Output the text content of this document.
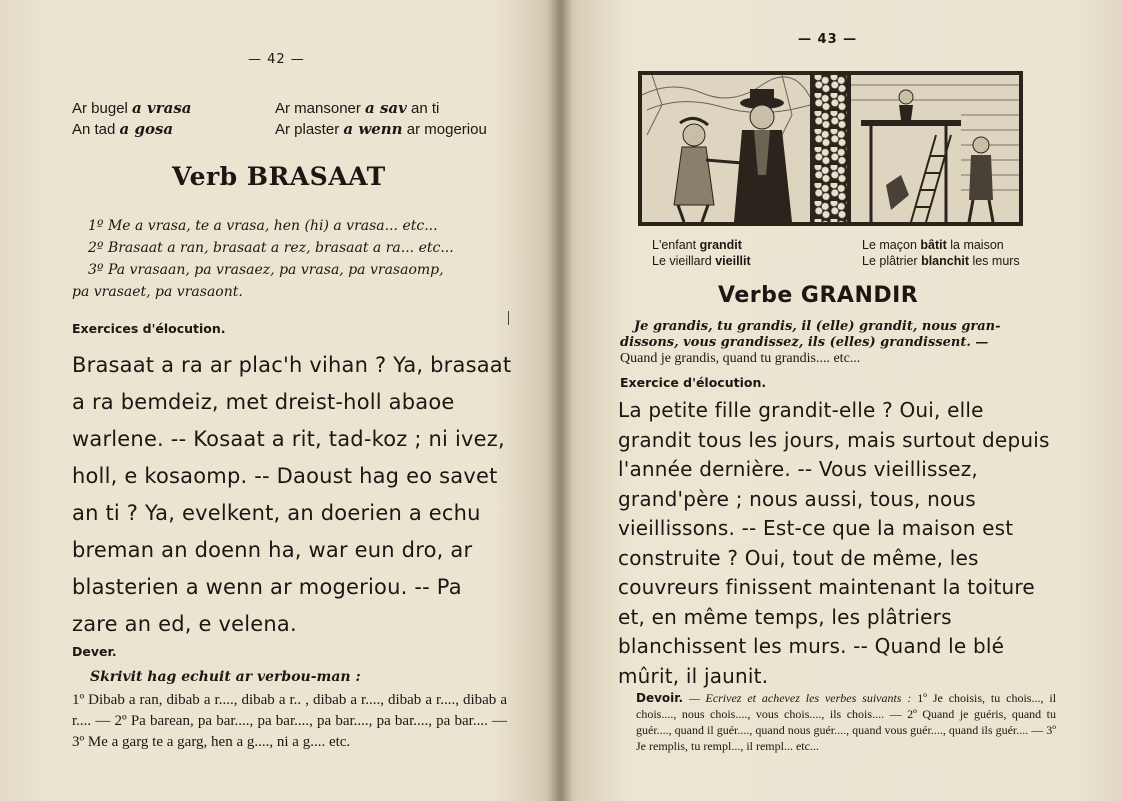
— 42 —
Ar bugel a vrasa
An tad a gosa
Ar mansoner a sav an ti
Ar plaster a wenn ar mogeriou
Verb BRASAAT
1º Me a vrasa, te a vrasa, hen (hi) a vrasa... etc...
2º Brasaat a ran, brasaat a rez, brasaat a ra... etc...
3º Pa vrasaan, pa vrasaez, pa vrasa, pa vrasaomp,
pa vrasaet, pa vrasaont.
Exercices d'élocution.
Brasaat a ra ar plac'h vihan ? Ya, brasaat a ra bemdeiz, met dreist-holl abaoe warlene. -- Kosaat a rit, tad-koz ; ni ivez, holl, e kosaomp. -- Daoust hag eo savet an ti ? Ya, evelkent, an doerien a echu breman an doenn ha, war eun dro, ar blasterien a wenn ar mogeriou. -- Pa zare an ed, e velena.
Dever.
Skrivit hag echuit ar verbou-man :
1º Dibab a ran, dibab a r...., dibab a r.. , dibab a r...., dibab a r...., dibab a r.... — 2º Pa barean, pa bar...., pa bar...., pa bar...., pa bar...., pa bar.... — 3º Me a garg te a garg, hen a g...., ni a g.... etc.
— 43 —
L'enfant grandit
Le vieillard vieillit
Le maçon bâtit la maison
Le plâtrier blanchit les murs
Verbe GRANDIR
Je grandis, tu grandis, il (elle) grandit, nous gran-
dissons, vous grandissez, ils (elles) grandissent. —
Quand je grandis, quand tu grandis.... etc...
Exercice d'élocution.
La petite fille grandit-elle ? Oui, elle grandit tous les jours, mais surtout depuis l'année dernière. -- Vous vieillissez, grand'père ; nous aussi, tous, nous vieillissons. -- Est-ce que la maison est construite ? Oui, tout de même, les couvreurs finissent maintenant la toiture et, en même temps, les plâtriers blanchissent les murs. -- Quand le blé mûrit, il jaunit.
Devoir. — Ecrivez et achevez les verbes suivants : 1º Je choisis, tu chois..., il chois...., nous chois...., vous chois...., ils chois.... — 2º Quand je guéris, quand tu guér...., quand il guér...., quand nous guér...., quand vous guér...., quand ils guér.... — 3º Je remplis, tu rempl..., il rempl... etc...
